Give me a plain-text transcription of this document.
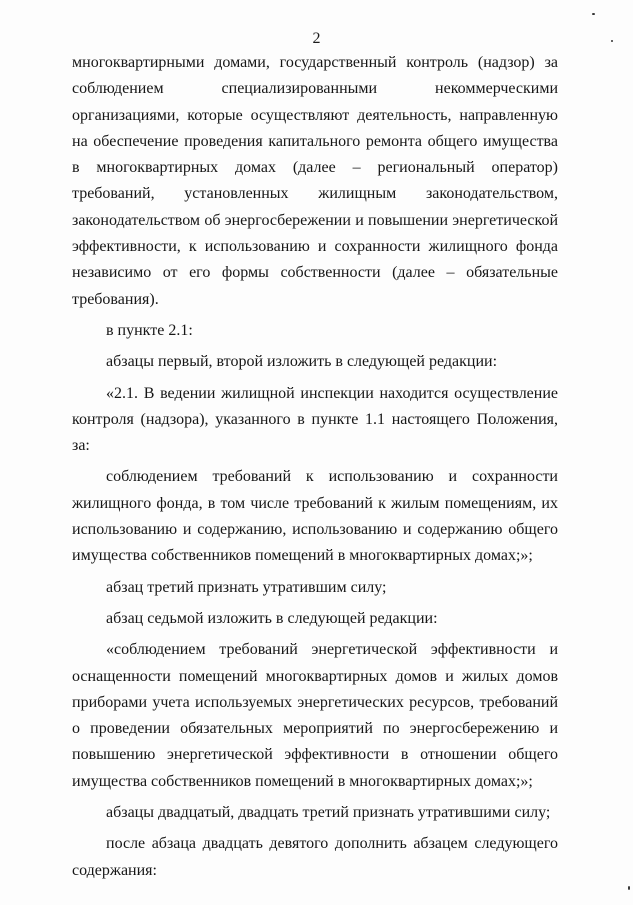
2

многоквартирными домами, государственный контроль (надзор) за соблюдением специализированными некоммерческими организациями, которые осуществляют деятельность, направленную на обеспечение проведения капитального ремонта общего имущества в многоквартирных домах (далее – региональный оператор) требований, установленных жилищным законодательством, законодательством об энергосбережении и повышении энергетической эффективности, к использованию и сохранности жилищного фонда независимо от его формы собственности (далее – обязательные требования).

в пункте 2.1:

абзацы первый, второй изложить в следующей редакции:

«2.1. В ведении жилищной инспекции находится осуществление контроля (надзора), указанного в пункте 1.1 настоящего Положения, за:

соблюдением требований к использованию и сохранности жилищного фонда, в том числе требований к жилым помещениям, их использованию и содержанию, использованию и содержанию общего имущества собственников помещений в многоквартирных домах;»;

абзац третий признать утратившим силу;

абзац седьмой изложить в следующей редакции:

«соблюдением требований энергетической эффективности и оснащенности помещений многоквартирных домов и жилых домов приборами учета используемых энергетических ресурсов, требований о проведении обязательных мероприятий по энергосбережению и повышению энергетической эффективности в отношении общего имущества собственников помещений в многоквартирных домах;»;

абзацы двадцатый, двадцать третий признать утратившими силу;

после абзаца двадцать девятого дополнить абзацем следующего содержания:
